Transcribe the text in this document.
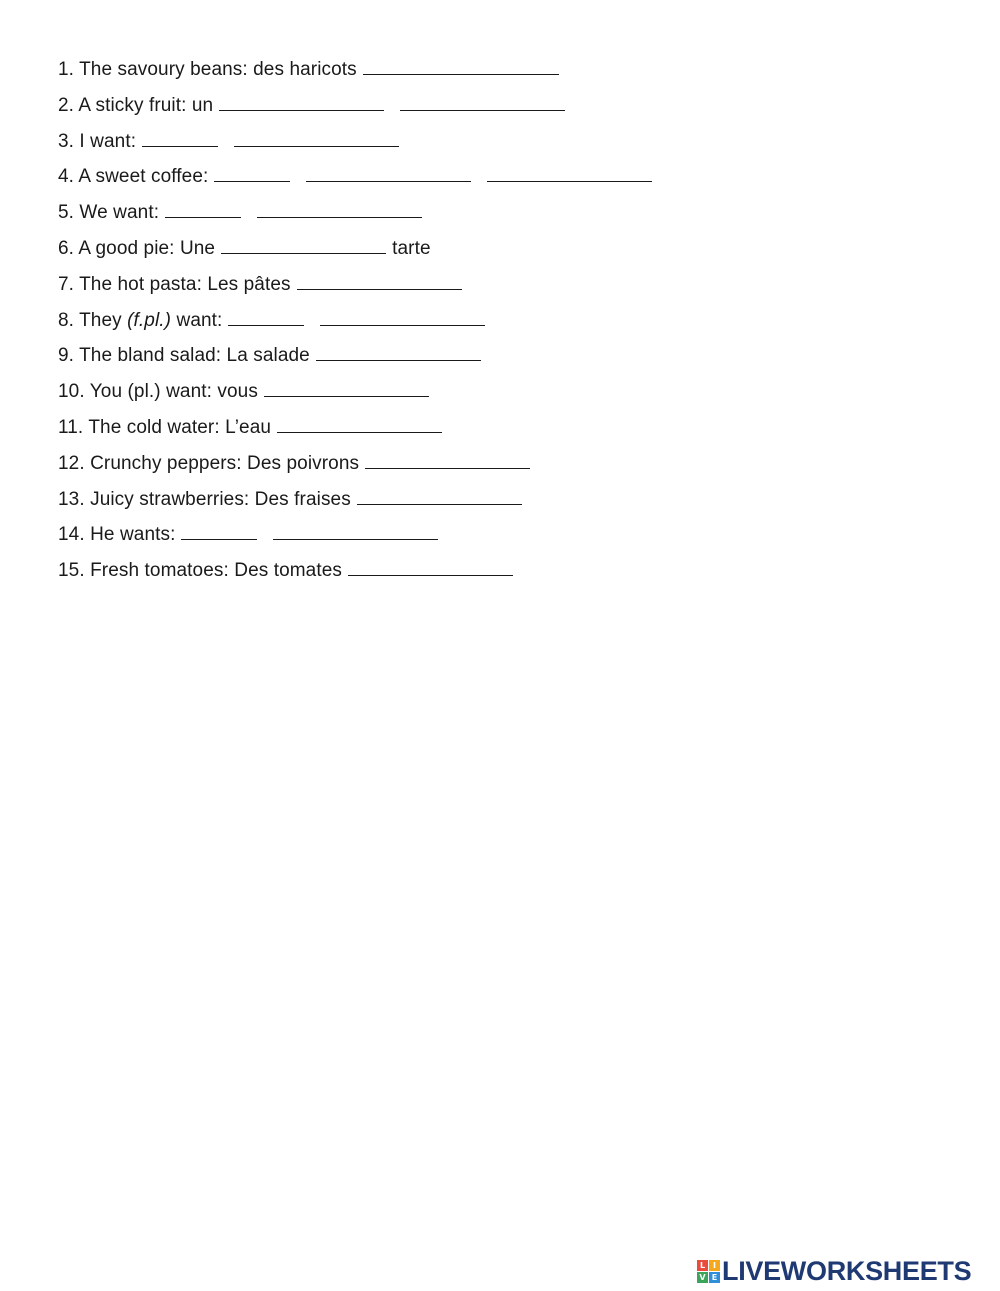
1. The savoury beans: des haricots
2. A sticky fruit: un
3. I want:
4. A sweet coffee:
5. We want:
6. A good pie: Une	tarte
7. The hot pasta: Les pâtes
8. They (f.pl.) want:
9. The bland salad: La salade
10. You (pl.) want: vous
11. The cold water: L’eau
12. Crunchy peppers: Des poivrons
13. Juicy strawberries: Des fraises
14. He wants:
15. Fresh tomatoes: Des tomates
L I
V E LIVEWORKSHEETS
